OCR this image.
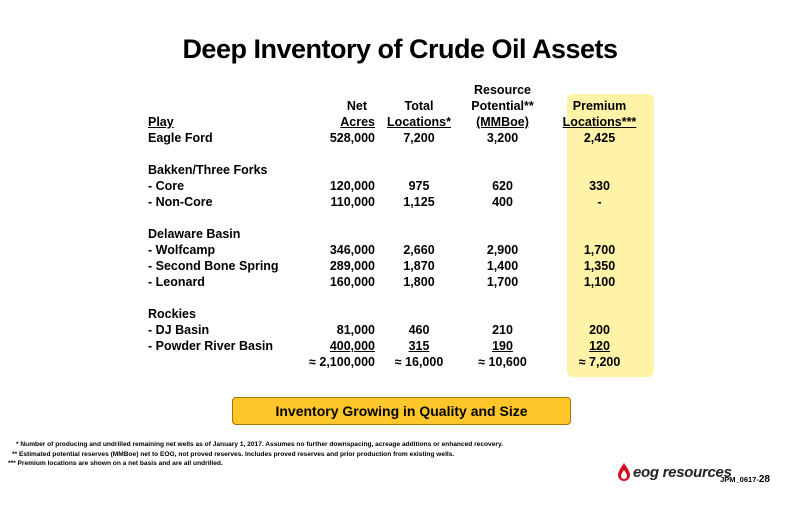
Deep Inventory of Crude Oil Assets
			Resource	
	Net	Total	Potential**	Premium
Play	Acres	Locations*	(MMBoe)	Locations***
Eagle Ford	528,000	7,200	3,200	2,425

Bakken/Three Forks				
- Core	120,000	975	620	330
- Non-Core	110,000	1,125	400	-

Delaware Basin				
- Wolfcamp	346,000	2,660	2,900	1,700
- Second Bone Spring	289,000	1,870	1,400	1,350
- Leonard	160,000	1,800	1,700	1,100

Rockies				
- DJ Basin	81,000	460	210	200
- Powder River Basin	400,000	315	190	120
	≈ 2,100,000	≈ 16,000	≈ 10,600	≈ 7,200
Inventory Growing in Quality and Size
* Number of producing and undrilled remaining net wells as of January 1, 2017. Assumes no further downspacing, acreage additions or enhanced recovery.
** Estimated potential reserves (MMBoe) net to EOG, not proved reserves. Includes proved reserves and prior production from existing wells.
*** Premium locations are shown on a net basis and are all undrilled.	eog resources
JPM_0617-28
